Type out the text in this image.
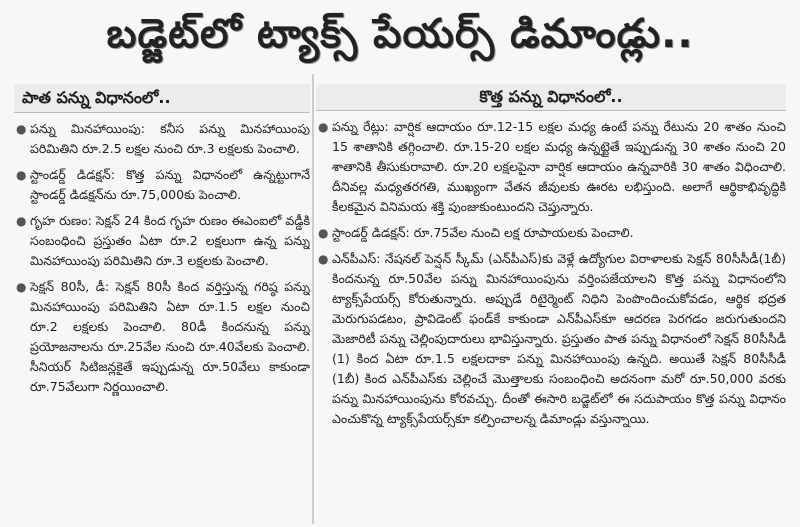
బడ్జెట్‌లో ట్యాక్స్ పేయర్స్ డిమాండ్లు..
పాత పన్ను విధానంలో..
● పన్ను మినహాయింపు: కనీస పన్ను మినహాయింపు పరిమితిని రూ.2.5 లక్షల నుంచి రూ.3 లక్షలకు పెంచాలి.
● స్టాండర్డ్ డిడక్షన్: కొత్త పన్ను విధానంలో ఉన్నట్టుగానే స్టాండర్డ్ డిడక్షన్‌ను రూ.75,000కు పెంచాలి.
● గృహ రుణం: సెక్షన్ 24 కింద గృహ రుణం ఈఎంఐలో వడ్డీకి సంబంధించి ప్రస్తుతం ఏటా రూ.2 లక్షలుగా ఉన్న పన్ను మినహాయింపు పరిమితిని రూ.3 లక్షలకు పెంచాలి.
● సెక్షన్ 80సీ, డీ: సెక్షన్ 80సీ కింద వర్తిస్తున్న గరిష్ఠ పన్ను మినహాయింపు పరిమితిని ఏటా రూ.1.5 లక్షల నుంచి రూ.2 లక్షలకు పెంచాలి. 80డీ కిందనున్న పన్ను ప్రయోజనాలను రూ.25వేల నుంచి రూ.40వేలకు పెంచాలి. సీనియర్ సిటిజన్లకైతే ఇప్పుడున్న రూ.50వేలు కాకుండా రూ.75వేలుగా నిర్ణయించాలి.
కొత్త పన్ను విధానంలో..
● పన్ను రేట్లు: వార్షిక ఆదాయం రూ.12-15 లక్షల మధ్య ఉంటే పన్ను రేటును 20 శాతం నుంచి 15 శాతానికి తగ్గించాలి. రూ.15-20 లక్షల మధ్య ఉన్నట్టైతే ఇప్పుడున్న 30 శాతం నుంచి 20 శాతానికి తీసుకురావాలి. రూ.20 లక్షలపైనా వార్షిక ఆదాయం ఉన్నవారికి 30 శాతం విధించాలి. దీనివల్ల మధ్యతరగతి, ముఖ్యంగా వేతన జీవులకు ఊరట లభిస్తుంది. అలాగే ఆర్థికాభివృద్ధికి కీలకమైన వినిమయ శక్తి పుంజుకుంటుందని చెప్తున్నారు.
● స్టాండర్డ్ డిడక్షన్: రూ.75వేల నుంచి లక్ష రూపాయలకు పెంచాలి.
● ఎన్‌పీఎస్: నేషనల్ పెన్షన్ స్కీమ్ (ఎన్‌పీఎస్)కు వెళ్లే ఉద్యోగుల విరాళాలకు సెక్షన్ 80సీసీడీ(1బీ) కిందనున్న రూ.50వేల పన్ను మినహాయింపును వర్తింపజేయాలని కొత్త పన్ను విధానంలోని ట్యాక్స్‌పేయర్స్ కోరుతున్నారు. అప్పుడే రిటైర్మెంట్ నిధిని పెంపొందించుకోవడం, ఆర్థిక భద్రత మెరుగుపడటం, ప్రావిడెంట్ ఫండ్‌కే కాకుండా ఎన్‌పీఎస్‌కూ ఆదరణ పెరగడం జరుగుతుందని మెజారిటీ పన్ను చెల్లింపుదారులు భావిస్తున్నారు. ప్రస్తుతం పాత పన్ను విధానంలో సెక్షన్ 80సీసీడీ (1) కింద ఏటా రూ.1.5 లక్షలదాకా పన్ను మినహాయింపు ఉన్నది. అయితే సెక్షన్ 80సీసీడీ (1బీ) కింద ఎన్‌పీఎస్‌కు చెల్లించే మొత్తాలకు సంబంధించి అదనంగా మరో రూ.50,000 వరకు పన్ను మినహాయింపును కోరవచ్చు. దీంతో ఈసారి బడ్జెట్‌లో ఈ సదుపాయం కొత్త పన్ను విధానం ఎంచుకొన్న ట్యాక్స్‌పేయర్స్‌కూ కల్పించాలన్న డిమాండ్లు వస్తున్నాయి.
